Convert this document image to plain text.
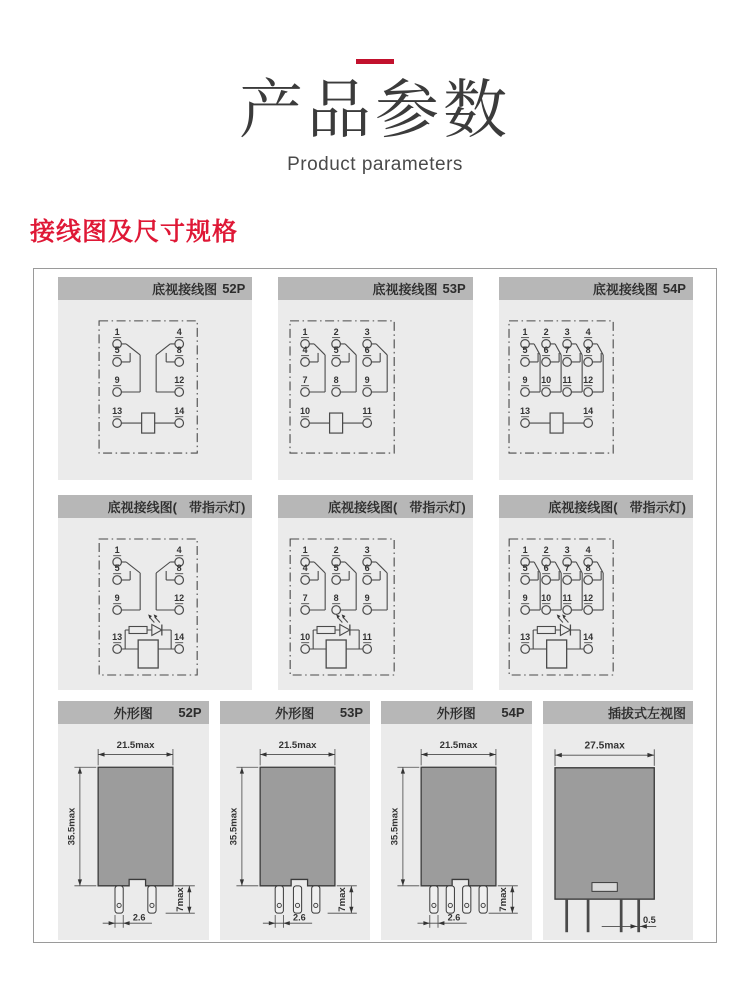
产品参数
Product parameters
接线图及尺寸规格
底视接线图 52P
1
5
9
4
8
12
13	14
底视接线图 53P
1
4
7
2
5
8
3
6
9
10	11
底视接线图 54P
1
5
9
2
6
10
3
7
11
4
8
12
13	14
底视接线图( 带指示灯)
1
5
9
4
8
12
13	14
底视接线图( 带指示灯)
1
4
7
2
5
8
3
6
9
10	11
底视接线图( 带指示灯)
1
5
9
2
6
10
3
7
11
4
8
12
13	14
外形图	52P
21.5max
35.5max
7max
2.6
外形图	53P
21.5max
35.5max
7max
2.6
外形图	54P
21.5max
35.5max
7max
2.6
插拔式左视图
27.5max
0.5
